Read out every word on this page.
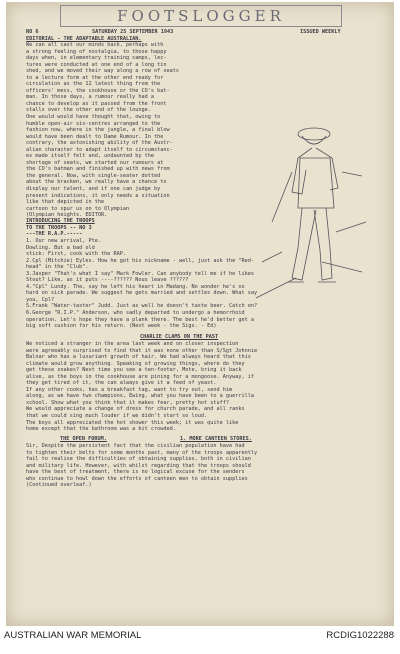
FOOTSLOGGER
NO 6	SATURDAY 25 SEPTEMBER 1943	ISSUED WEEKLY
EDITORIAL - THE ADAPTABLE AUSTRALIAN.
We can all cast our minds back, perhaps with
a strong feeling of nostalgia, to those happy
days when, in elementary training camps, lec-
tures were conducted at one end of a long tin
shed, and we moved their way along a row of seats
to a lecture form at the other end ready for
circulation as the 12 latest thing from the
officers' mess, the cookhouse or the CO's bat-
man. In those days, a rumour really had a
chance to develop as it passed from the front
stalls over the other end of the lounge.
One would would have thought that, owing to
humble open-air six-centres arranged to the
fashion now, where in the jungle, a final blow
would have been dealt to Dame Rumour. In the
contrary, the astonishing ability of the Austr-
alian character to adapt itself to circumstanc-
es made itself felt and, undaunted by the
shortage of seats, we started our rumours at
the CO's batman and finished up with news from
the general. Now, with single-seater dotted
about the bracken, we really have a chance to
display our talent, and if one can judge by
present indications, it only needs a situation
like that depicted in the
cartoon to spur us on to Olympian
(Olympian heights. EDITOR.
INTRODUCING THE TROOPS
TO THE TROOPS -- NO 3
---THE R.A.P.-----
1. Our new arrival, Pte.
Dowling. But a bad old
stick: First, cook with the RAP.
2.Cpl (Mitchie) Eyles. How he got his nickname - well, just ask the "Red-
head" in the "Club".
3.Jasper "That's what I say" Mark Fowler. Can anybody tell me if he likes
Stout? Like, as it puts ----?????? Nous leave ??????
4."Cpl" Lundy. The, say he left his heart in Madang. No wonder he's so
hard on sick parade. We suggest he gets married and settles down. What say
you, Cpl?
5.Frank "Water-taster" Judd. Just as well he doesn't taste beer. Catch on?
6.George "R.I.P." Anderson, who sadly departed to undergo a hemorrhoid
operation. Let's hope they have a plank there. The best he'd better get a
big soft cushion for his return. (Next week - the Sigs. - Ed)
CHARLIE CLAMS ON THE PAST
We noticed a stranger in the area last week and on closer inspection
were agreeably surprised to find that it was none other than S/Sgt Johnnie
Balnar who has a luxuriant growth of hair. We had always heard that this
climate would grow anything. Speaking of growing things, where do they
get these snakes? Next time you see a ten-footer, Mote, bring it back
alive, as the boys in the cookhouse are pining for a mongoose. Anyway, if
they get tired of it, the can always give it a feed of yeast.
If any other cooks, has a breakfast tag, want to try out, send him
along, as we have two champions, Ewing, what you have been to a guerrilla
school. Show what you think that it makes fear, pretty hot stuff?
We would appreciate a change of dress for church parade, and all ranks
that we could sing much louder if we didn't start so loud.
The boys all appreciated the hot shower this week; it was quite like
home except that the bathroom was a bit crowded.
THE OPEN FORUM.	1. MORE CANTEEN STORES.
Sir, Despite the persistent fact that the civilian population have had
to tighten their belts for some months past, many of the troops apparently
fail to realise the difficulties of obtaining supplies, both in civilian
and military life. However, with whilst regarding that the troops should
have the best of treatment, there is no logical excuse for the senders
who continue to howl down the efforts of canteen men to obtain supplies
(Continued overleaf.)
AUSTRALIAN WAR MEMORIAL	RCDIG1022288
